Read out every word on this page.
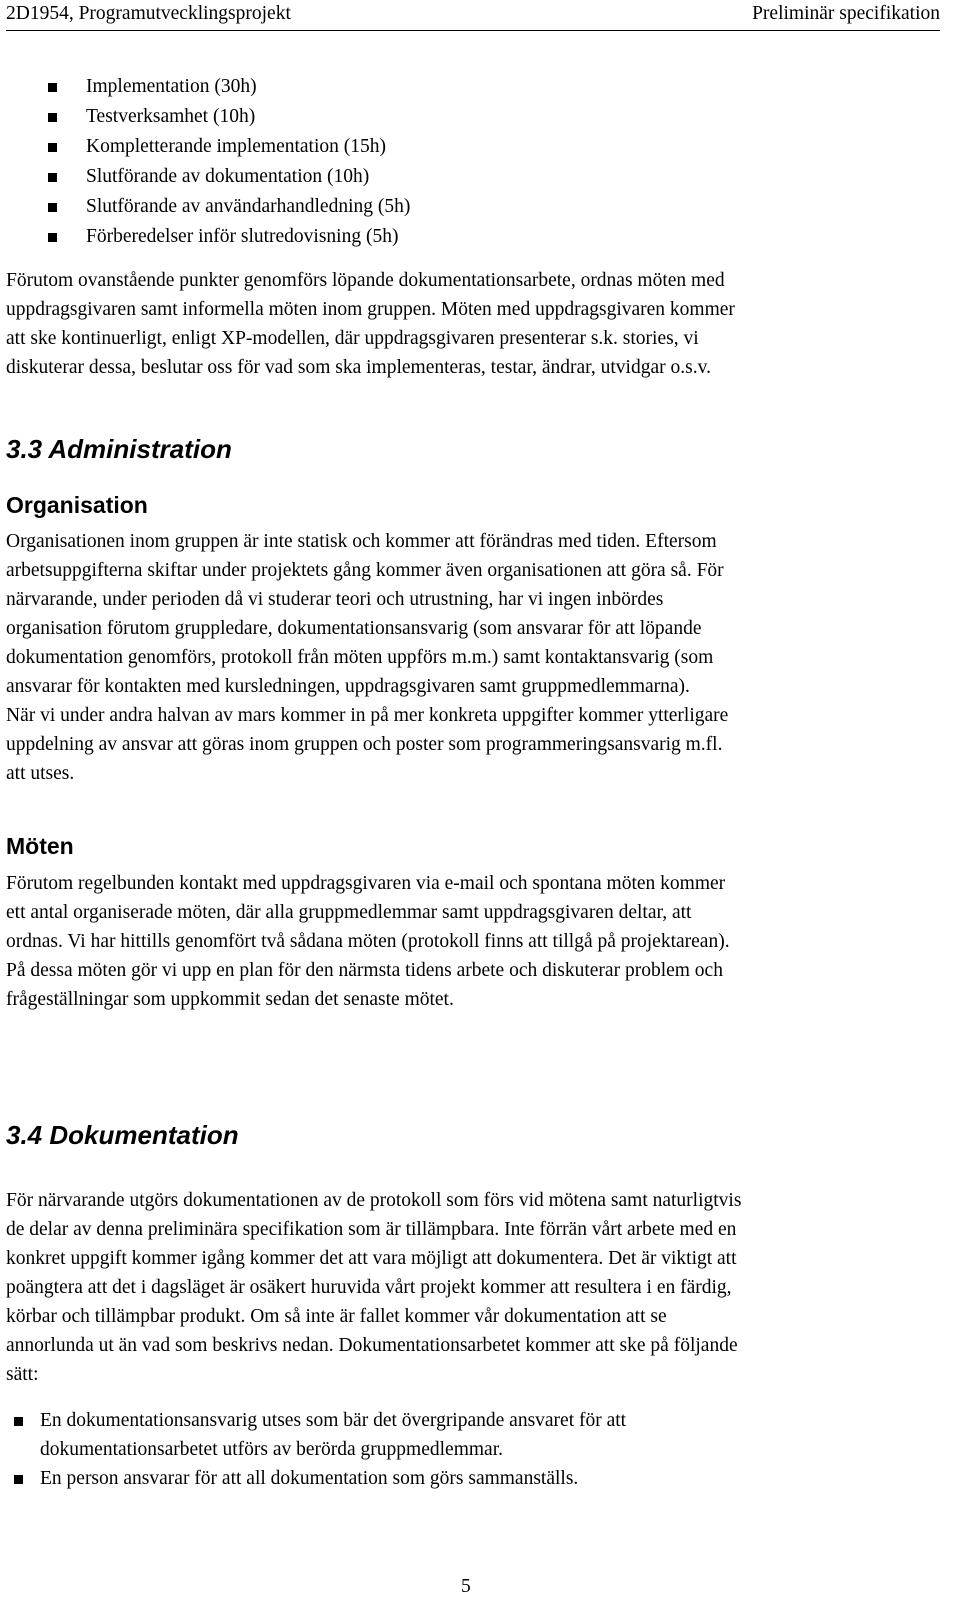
2D1954, Programutvecklingsprojekt	Preliminär specifikation
Implementation (30h)
Testverksamhet (10h)
Kompletterande implementation (15h)
Slutförande av dokumentation (10h)
Slutförande av användarhandledning (5h)
Förberedelser inför slutredovisning (5h)

Förutom ovanstående punkter genomförs löpande dokumentationsarbete, ordnas möten med
uppdragsgivaren samt informella möten inom gruppen. Möten med uppdragsgivaren kommer
att ske kontinuerligt, enligt XP-modellen, där uppdragsgivaren presenterar s.k. stories, vi
diskuterar dessa, beslutar oss för vad som ska implementeras, testar, ändrar, utvidgar o.s.v.

3.3 Administration
Organisation

Organisationen inom gruppen är inte statisk och kommer att förändras med tiden. Eftersom
arbetsuppgifterna skiftar under projektets gång kommer även organisationen att göra så. För
närvarande, under perioden då vi studerar teori och utrustning, har vi ingen inbördes
organisation förutom gruppledare, dokumentationsansvarig (som ansvarar för att löpande
dokumentation genomförs, protokoll från möten uppförs m.m.) samt kontaktansvarig (som
ansvarar för kontakten med kursledningen, uppdragsgivaren samt gruppmedlemmarna).
När vi under andra halvan av mars kommer in på mer konkreta uppgifter kommer ytterligare
uppdelning av ansvar att göras inom gruppen och poster som programmeringsansvarig m.fl.
att utses.

Möten

Förutom regelbunden kontakt med uppdragsgivaren via e-mail och spontana möten kommer
ett antal organiserade möten, där alla gruppmedlemmar samt uppdragsgivaren deltar, att
ordnas. Vi har hittills genomfört två sådana möten (protokoll finns att tillgå på projektarean).
På dessa möten gör vi upp en plan för den närmsta tidens arbete och diskuterar problem och
frågeställningar som uppkommit sedan det senaste mötet.

3.4 Dokumentation

För närvarande utgörs dokumentationen av de protokoll som förs vid mötena samt naturligtvis
de delar av denna preliminära specifikation som är tillämpbara. Inte förrän vårt arbete med en
konkret uppgift kommer igång kommer det att vara möjligt att dokumentera. Det är viktigt att
poängtera att det i dagsläget är osäkert huruvida vårt projekt kommer att resultera i en färdig,
körbar och tillämpbar produkt. Om så inte är fallet kommer vår dokumentation att se
annorlunda ut än vad som beskrivs nedan. Dokumentationsarbetet kommer att ske på följande
sätt:

En dokumentationsansvarig utses som bär det övergripande ansvaret för att
dokumentationsarbetet utförs av berörda gruppmedlemmar.
En person ansvarar för att all dokumentation som görs sammanställs.
5
